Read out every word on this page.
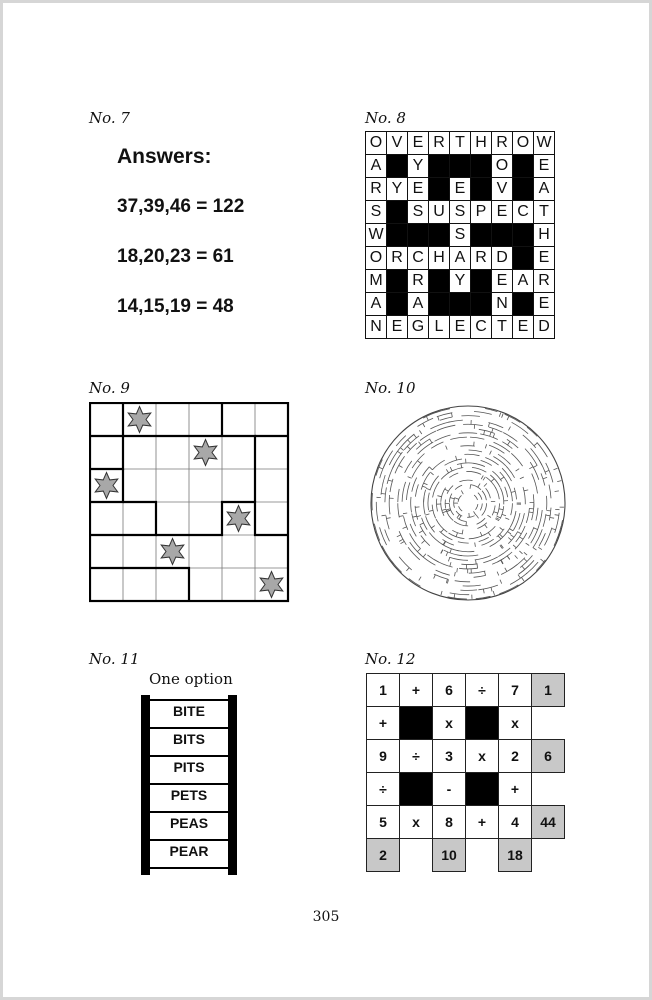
No. 7
Answers:
37,39,46 = 122
18,20,23 = 61
14,15,19 = 48
No. 8
O	V	E	R	T	H	R	O	W
A		Y				O		E
R	Y	E		E		V		A
S		S	U	S	P	E	C	T
W				S				H
O	R	C	H	A	R	D		E
M		R		Y		E	A	R
A		A				N		E
N	E	G	L	E	C	T	E	D
No. 9	No. 10
No. 11
One option
BITE
BITS
PITS
PETS
PEAS
PEAR
No. 12
1	+	6	÷	7	1
+		x		x	
9	÷	3	x	2	6
÷		-		+	
5	x	8	+	4	44
2		10		18	
305
